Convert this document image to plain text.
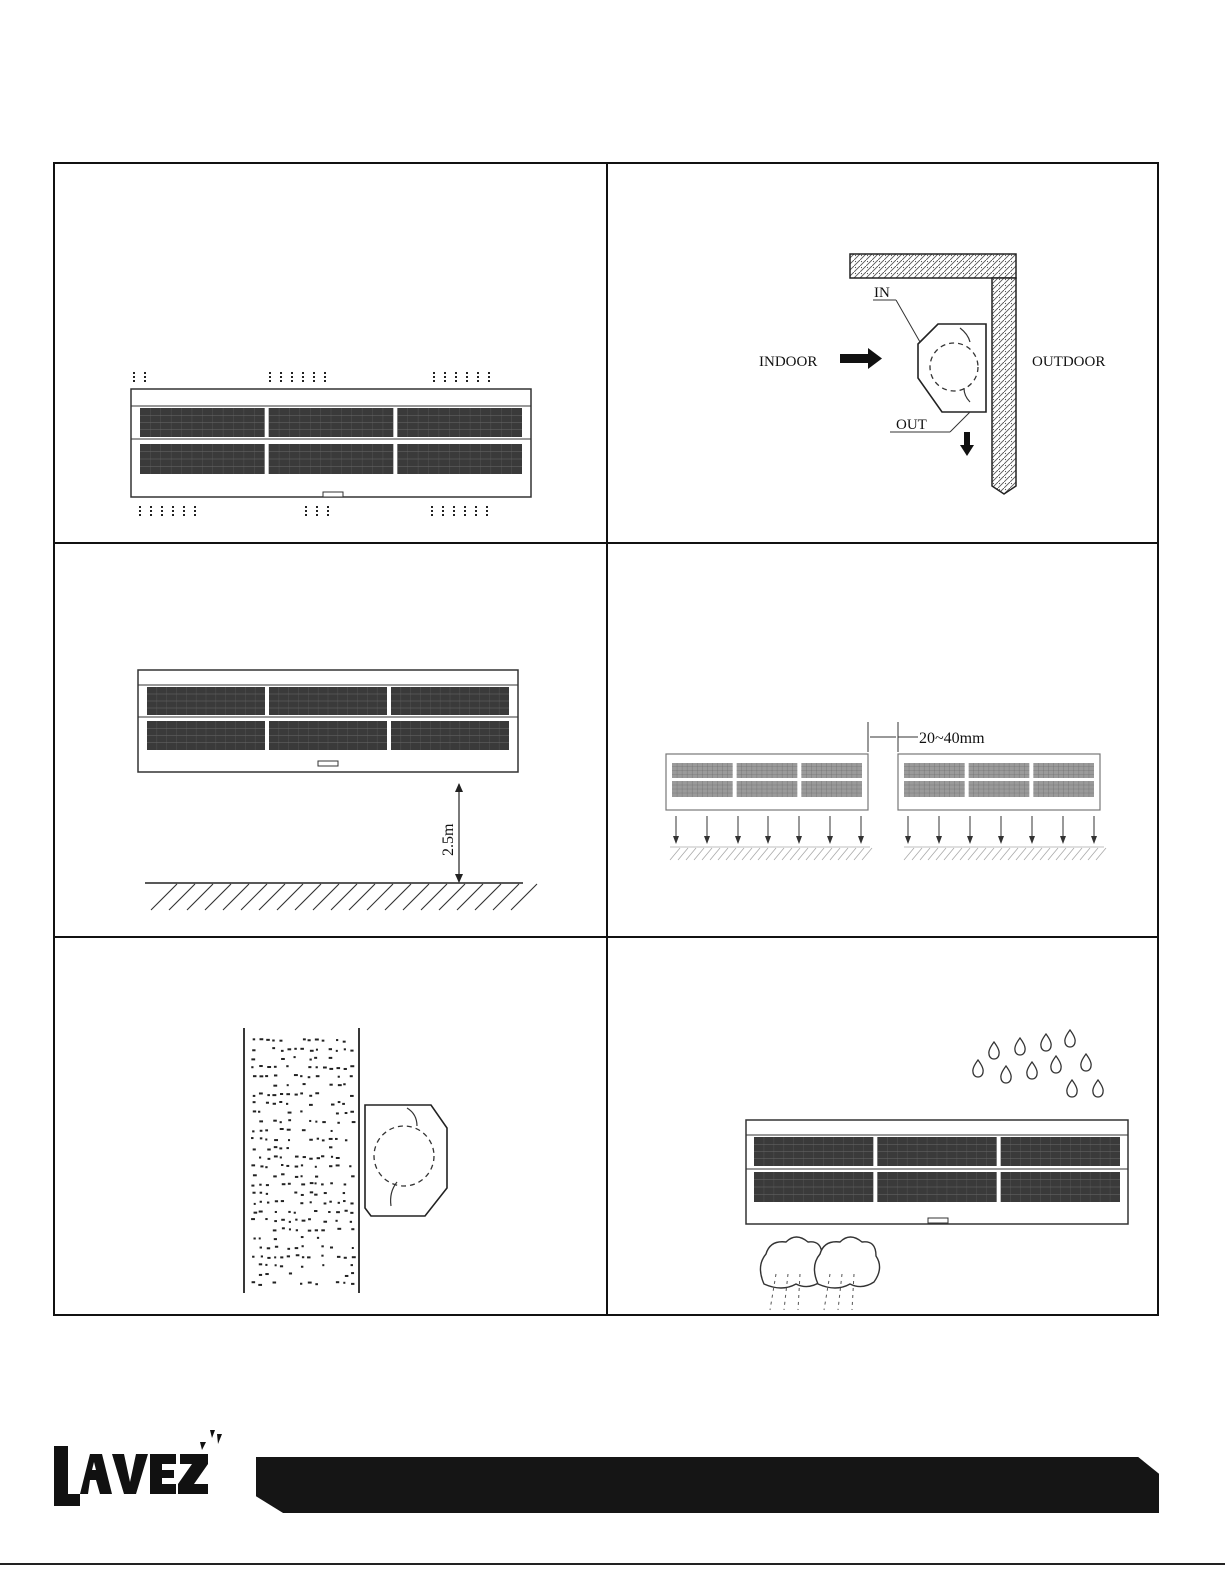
IN
OUT
INDOOR	OUTDOOR
2.5m
20~40mm
